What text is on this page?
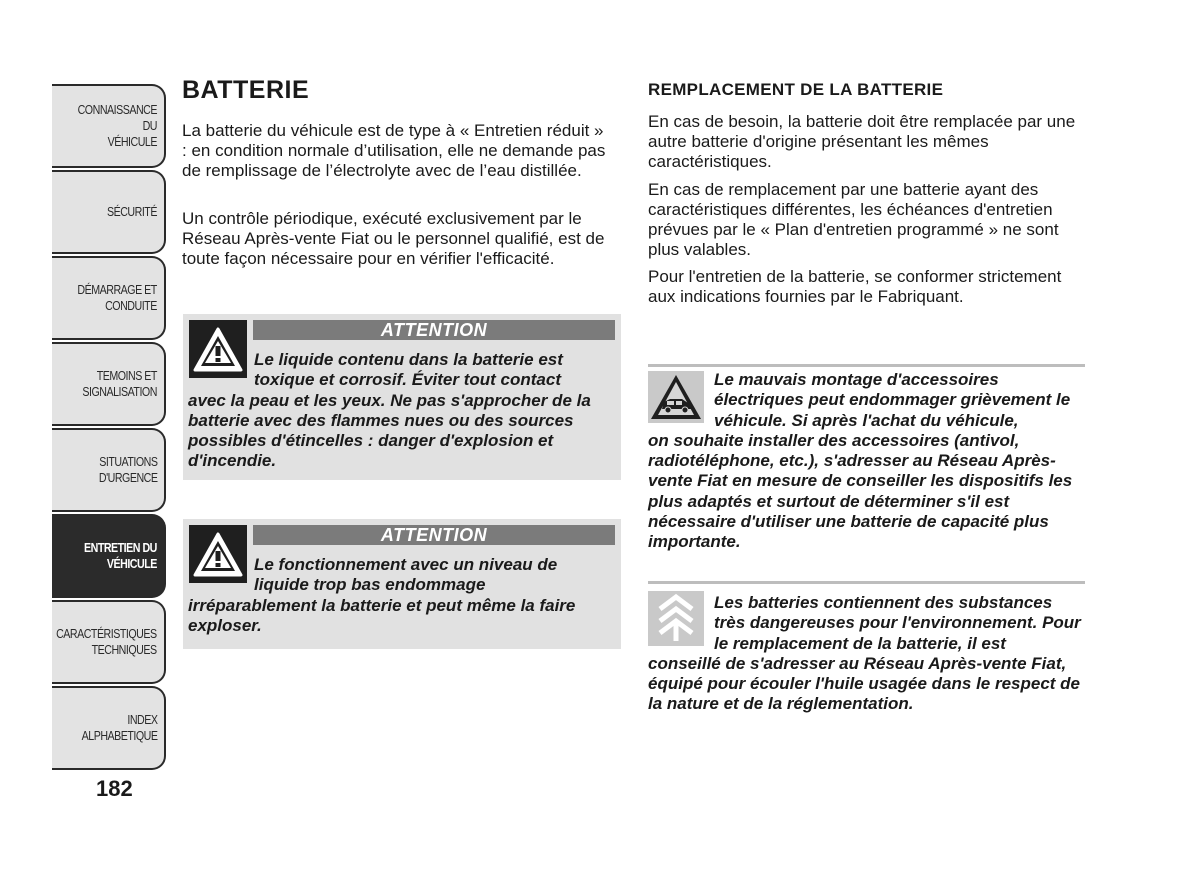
CONNAISSANCE DU
VÉHICULE
SÉCURITÉ
DÉMARRAGE ET
CONDUITE
TEMOINS ET
SIGNALISATION
SITUATIONS
D'URGENCE
ENTRETIEN DU
VÉHICULE
CARACTÉRISTIQUES
TECHNIQUES
INDEX
ALPHABETIQUE
182
BATTERIE

La batterie du véhicule est de type à « Entretien réduit » : en condition normale d’utilisation, elle ne demande pas de remplissage de l’électrolyte avec de l’eau distillée.

Un contrôle périodique, exécuté exclusivement par le Réseau Après-vente Fiat ou le personnel qualifié, est de toute façon nécessaire pour en vérifier l'efficacité.

ATTENTION

Le liquide contenu dans la batterie est toxique et corrosif. Éviter tout contact
avec la peau et les yeux. Ne pas s'approcher de la batterie avec des flammes nues ou des sources possibles d'étincelles : danger d'explosion et d'incendie.

ATTENTION

Le fonctionnement avec un niveau de liquide trop bas endommage
irréparablement la batterie et peut même la faire exploser.

REMPLACEMENT DE LA BATTERIE

En cas de besoin, la batterie doit être remplacée par une autre batterie d'origine présentant les mêmes caractéristiques.

En cas de remplacement par une batterie ayant des caractéristiques différentes, les échéances d'entretien prévues par le « Plan d'entretien programmé » ne sont plus valables.

Pour l'entretien de la batterie, se conformer strictement aux indications fournies par le Fabriquant.

Le mauvais montage d'accessoires électriques peut endommager grièvement le véhicule. Si après l'achat du véhicule,
on souhaite installer des accessoires (antivol, radiotéléphone, etc.), s'adresser au Réseau Après-vente Fiat en mesure de conseiller les dispositifs les plus adaptés et surtout de déterminer s'il est nécessaire d'utiliser une batterie de capacité plus importante.

Les batteries contiennent des substances très dangereuses pour l'environnement. Pour le remplacement de la batterie, il est
conseillé de s'adresser au Réseau Après-vente Fiat, équipé pour écouler l'huile usagée dans le respect de la nature et de la réglementation.
